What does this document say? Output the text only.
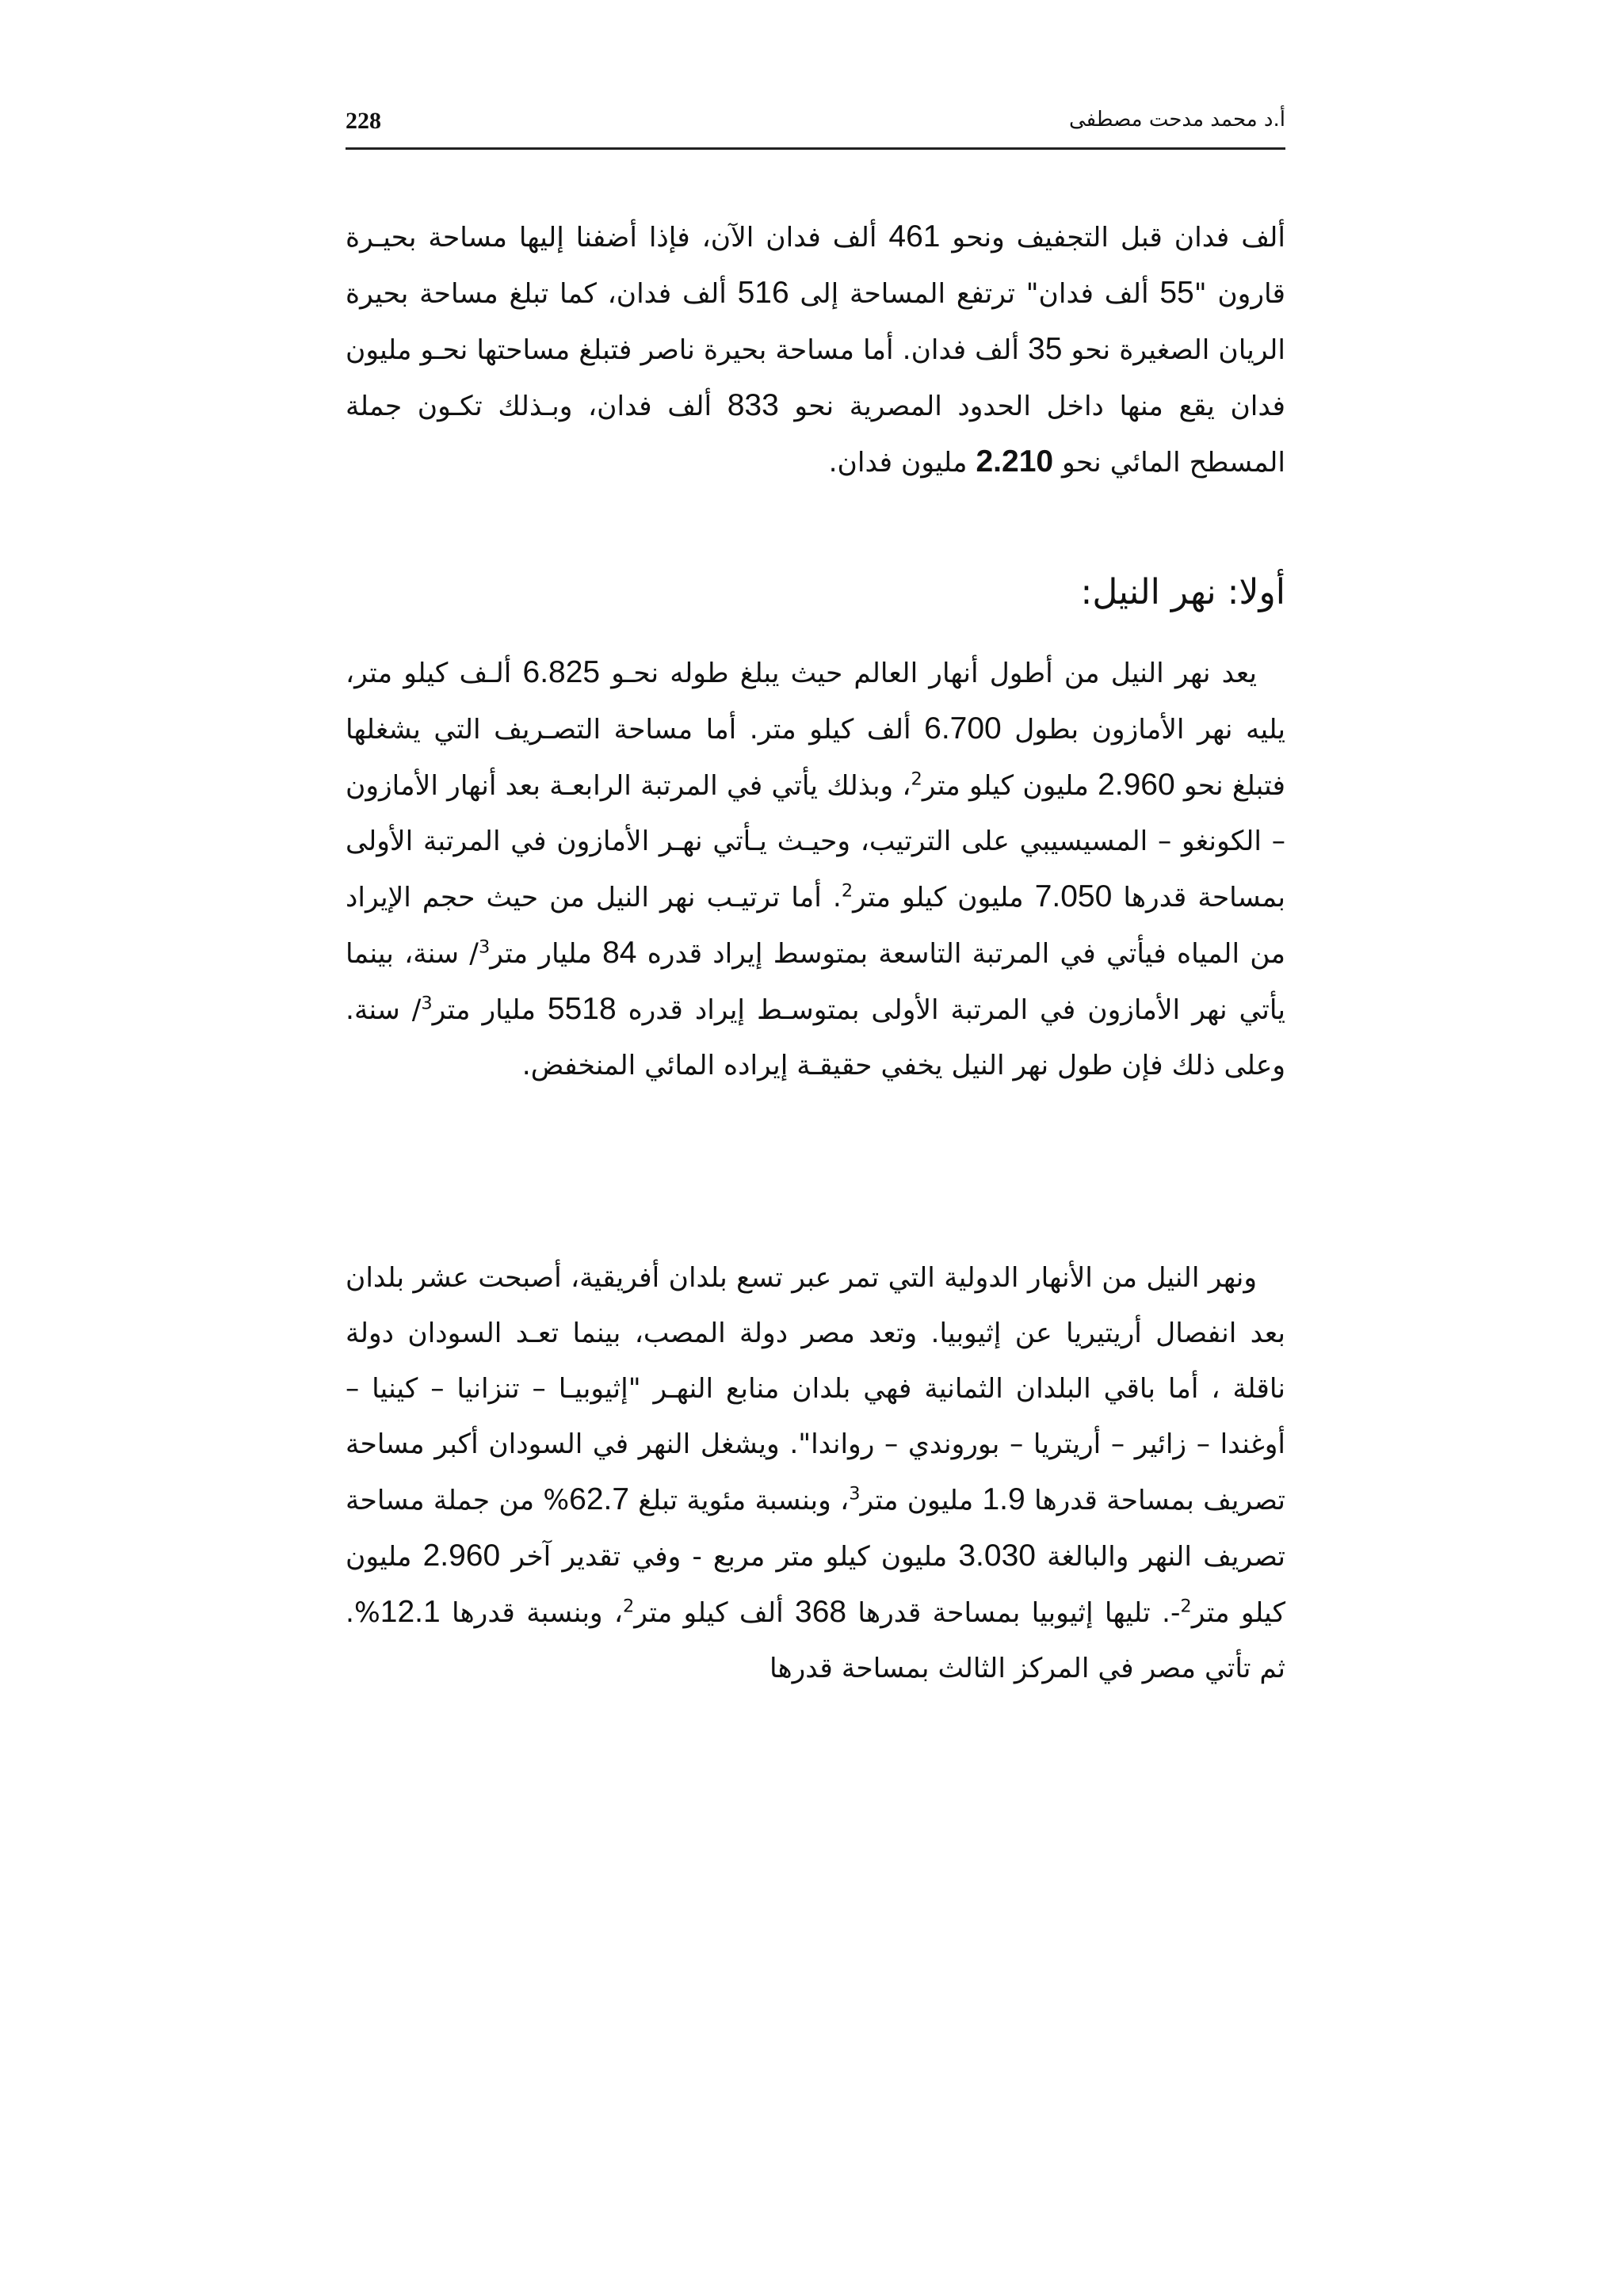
228	أ.د محمد مدحت مصطفى

ألف فدان قبل التجفيف ونحو 461 ألف فدان الآن، فإذا أضفنا إليها مساحة بحيـرة قارون "55 ألف فدان" ترتفع المساحة إلى 516 ألف فدان، كما تبلغ مساحة بحيرة الريان الصغيرة نحو 35 ألف فدان. أما مساحة بحيرة ناصر فتبلغ مساحتها نحـو مليون فدان يقع منها داخل الحدود المصرية نحو 833 ألف فدان، وبـذلك تكـون جملة المسطح المائي نحو 2.210 مليون فدان.

أولا: نهر النيل:

يعد نهر النيل من أطول أنهار العالم حيث يبلغ طوله نحـو 6.825 ألـف كيلو متر، يليه نهر الأمازون بطول 6.700 ألف كيلو متر. أما مساحة التصـريف التي يشغلها فتبلغ نحو 2.960 مليون كيلو متر$^2$، وبذلك يأتي في المرتبة الرابعـة بعد أنهار الأمازون – الكونغو – المسيسيبي على الترتيب، وحيـث يـأتي نهـر الأمازون في المرتبة الأولى بمساحة قدرها 7.050 مليون كيلو متر$^2$. أما ترتيـب نهر النيل من حيث حجم الإيراد من المياه فيأتي في المرتبة التاسعة بمتوسط إيراد قدره 84 مليار متر$^3$/ سنة، بينما يأتي نهر الأمازون في المرتبة الأولى بمتوسـط إيراد قدره 5518 مليار متر$^3$/ سنة. وعلى ذلك فإن طول نهر النيل يخفي حقيقـة إيراده المائي المنخفض.

ونهر النيل من الأنهار الدولية التي تمر عبر تسع بلدان أفريقية، أصبحت عشر بلدان بعد انفصال أريتيريا عن إثيوبيا. وتعد مصر دولة المصب، بينما تعـد السودان دولة ناقلة ، أما باقي البلدان الثمانية فهي بلدان منابع النهـر "إثيوبيـا – تنزانيا – كينيا – أوغندا – زائير – أريتريا – بوروندي – رواندا". ويشغل النهر في السودان أكبر مساحة تصريف بمساحة قدرها 1.9 مليون متر$^3$، وبنسبة مئوية تبلغ 62.7% من جملة مساحة تصريف النهر والبالغة 3.030 مليون كيلو متر مربع - وفي تقدير آخر 2.960 مليون كيلو متر$^2$-. تليها إثيوبيا بمساحة قدرها 368 ألف كيلو متر$^2$، وبنسبة قدرها 12.1%. ثم تأتي مصر في المركز الثالث بمساحة قدرها
